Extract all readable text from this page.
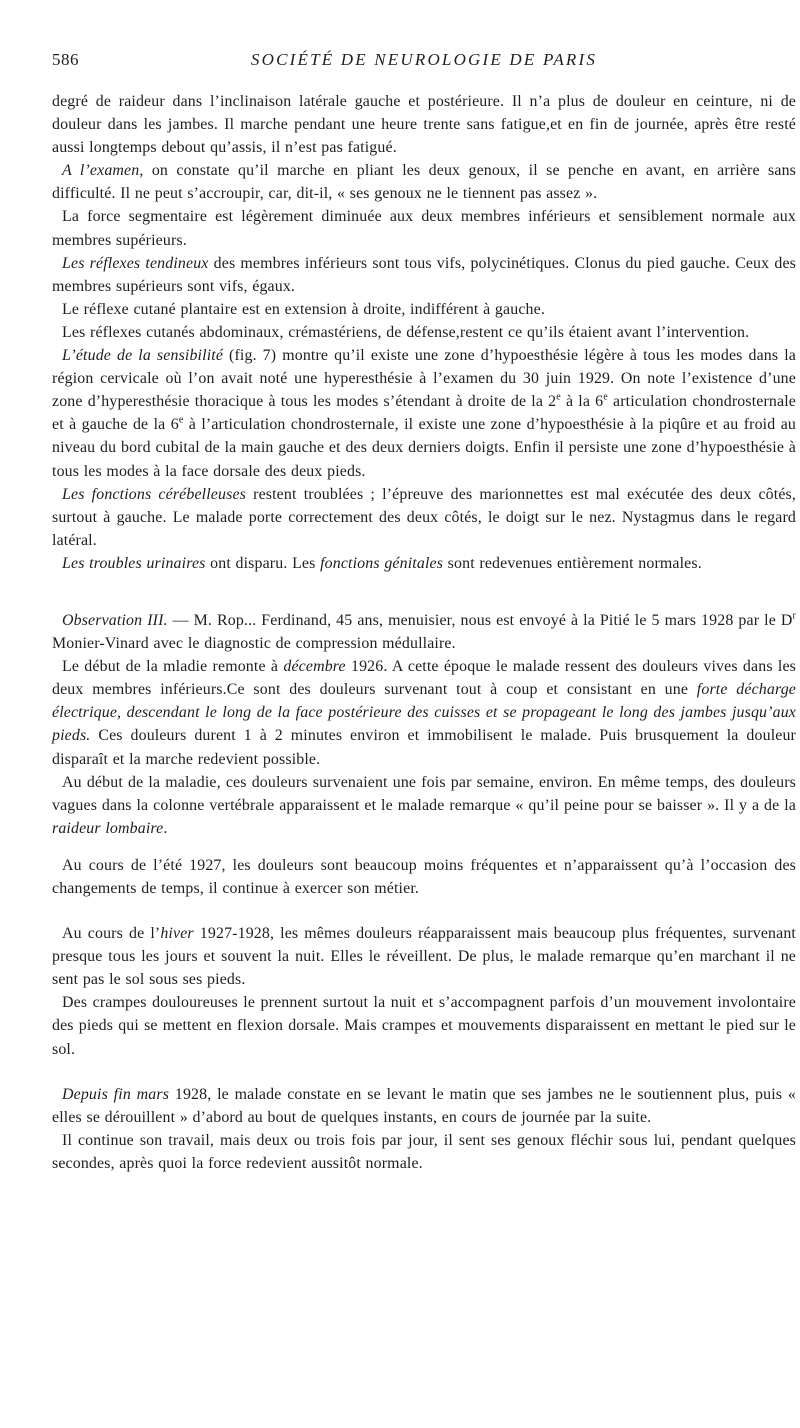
586	SOCIÉTÉ DE NEUROLOGIE DE PARIS

degré de raideur dans l’inclinaison latérale gauche et postérieure. Il n’a plus de douleur en ceinture, ni de douleur dans les jambes. Il marche pendant une heure trente sans fatigue,et en fin de journée, après être resté aussi longtemps debout qu’assis, il n’est pas fatigué.

A l’examen, on constate qu’il marche en pliant les deux genoux, il se penche en avant, en arrière sans difficulté. Il ne peut s’accroupir, car, dit-il, « ses genoux ne le tiennent pas assez ».

La force segmentaire est légèrement diminuée aux deux membres inférieurs et sensiblement normale aux membres supérieurs.

Les réflexes tendineux des membres inférieurs sont tous vifs, polycinétiques. Clonus du pied gauche. Ceux des membres supérieurs sont vifs, égaux.

Le réflexe cutané plantaire est en extension à droite, indifférent à gauche.

Les réflexes cutanés abdominaux, crémastériens, de défense,restent ce qu’ils étaient avant l’intervention.

L’étude de la sensibilité (fig. 7) montre qu’il existe une zone d’hypoesthésie légère à tous les modes dans la région cervicale où l’on avait noté une hyperesthésie à l’examen du 30 juin 1929. On note l’existence d’une zone d’hyperesthésie thoracique à tous les modes s’étendant à droite de la 2e à la 6e articulation chondrosternale et à gauche de la 6e à l’articulation chondrosternale, il existe une zone d’hypoesthésie à la piqûre et au froid au niveau du bord cubital de la main gauche et des deux derniers doigts. Enfin il persiste une zone d’hypoesthésie à tous les modes à la face dorsale des deux pieds.

Les fonctions cérébelleuses restent troublées ; l’épreuve des marionnettes est mal exécutée des deux côtés, surtout à gauche. Le malade porte correctement des deux côtés, le doigt sur le nez. Nystagmus dans le regard latéral.

Les troubles urinaires ont disparu. Les fonctions génitales sont redevenues entièrement normales.

Observation III. — M. Rop... Ferdinand, 45 ans, menuisier, nous est envoyé à la Pitié le 5 mars 1928 par le $D^r$ Monier-Vinard avec le diagnostic de compression médullaire.

Le début de la mladie remonte à décembre 1926. A cette époque le malade ressent des douleurs vives dans les deux membres inférieurs.Ce sont des douleurs survenant tout à coup et consistant en une forte décharge électrique, descendant le long de la face postérieure des cuisses et se propageant le long des jambes jusqu’aux pieds. Ces douleurs durent 1 à 2 minutes environ et immobilisent le malade. Puis brusquement la douleur disparaît et la marche redevient possible.

Au début de la maladie, ces douleurs survenaient une fois par semaine, environ. En même temps, des douleurs vagues dans la colonne vertébrale apparaissent et le malade remarque « qu’il peine pour se baisser ». Il y a de la raideur lombaire.

Au cours de l’été 1927, les douleurs sont beaucoup moins fréquentes et n’apparaissent qu’à l’occasion des changements de temps, il continue à exercer son métier.

Au cours de l’hiver 1927-1928, les mêmes douleurs réapparaissent mais beaucoup plus fréquentes, survenant presque tous les jours et souvent la nuit. Elles le réveillent. De plus, le malade remarque qu’en marchant il ne sent pas le sol sous ses pieds.

Des crampes douloureuses le prennent surtout la nuit et s’accompagnent parfois d’un mouvement involontaire des pieds qui se mettent en flexion dorsale. Mais crampes et mouvements disparaissent en mettant le pied sur le sol.

Depuis fin mars 1928, le malade constate en se levant le matin que ses jambes ne le soutiennent plus, puis « elles se dérouillent » d’abord au bout de quelques instants, en cours de journée par la suite.

Il continue son travail, mais deux ou trois fois par jour, il sent ses genoux fléchir sous lui, pendant quelques secondes, après quoi la force redevient aussitôt normale.
